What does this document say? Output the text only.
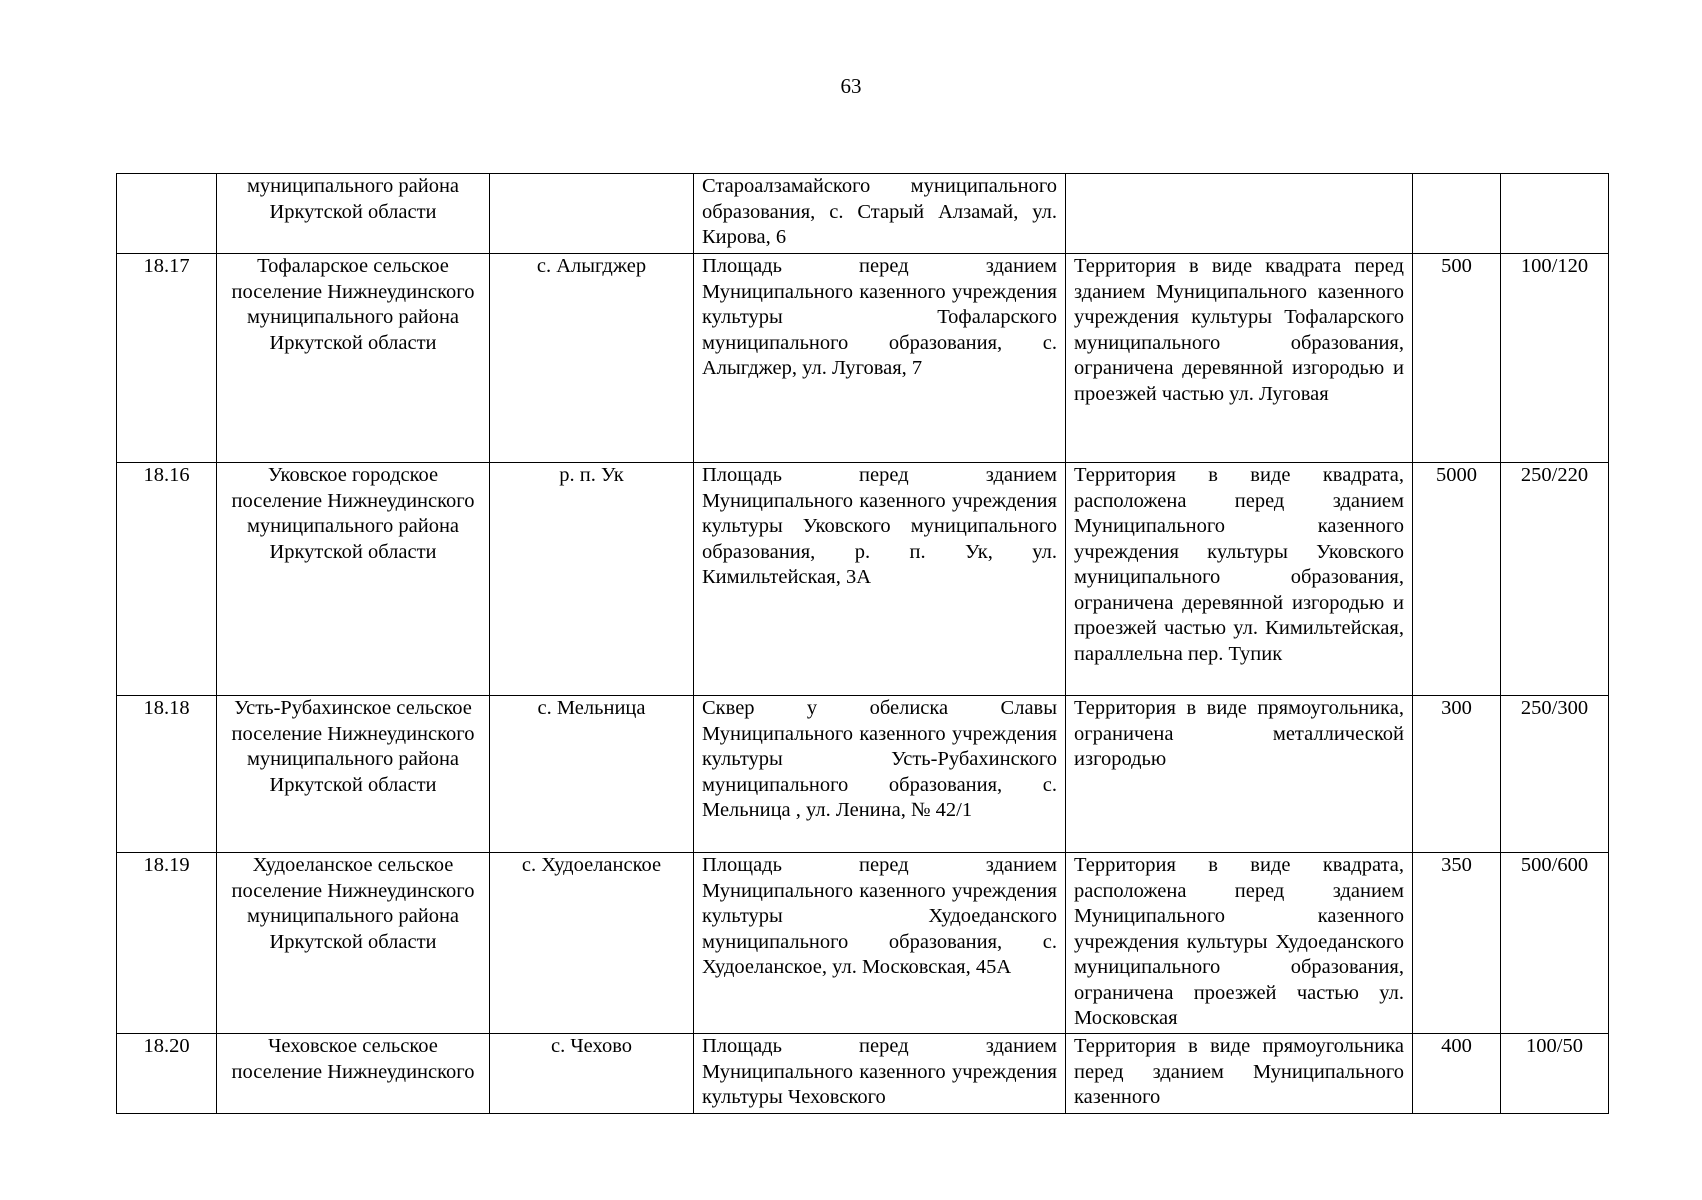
63
	муниципального района Иркутской области		Староалзамайского муниципального образования, с. Старый Алзамай, ул. Кирова, 6			
18.17	Тофаларское сельское поселение Нижнеудинского муниципального района Иркутской области	с. Алыгджер	Площадь перед зданием Муниципального казенного учреждения культуры Тофаларского муниципального образования, с. Алыгджер, ул. Луговая, 7	Территория в виде квадрата перед зданием Муниципального казенного учреждения культуры Тофаларского муниципального образования, ограничена деревянной изгородью и проезжей частью ул. Луговая	500	100/120
18.16	Уковское городское поселение Нижнеудинского муниципального района Иркутской области	р. п. Ук	Площадь перед зданием Муниципального казенного учреждения культуры Уковского муниципального образования, р. п. Ук, ул. Кимильтейская, 3А	Территория в виде квадрата, расположена перед зданием Муниципального казенного учреждения культуры Уковского муниципального образования, ограничена деревянной изгородью и проезжей частью ул. Кимильтейская, параллельна пер. Тупик	5000	250/220
18.18	Усть-Рубахинское сельское поселение Нижнеудинского муниципального района Иркутской области	с. Мельница	Сквер у обелиска Славы Муниципального казенного учреждения культуры Усть-Рубахинского муниципального образования, с. Мельница , ул. Ленина, № 42/1	Территория в виде прямоугольника, ограничена металлической изгородью	300	250/300
18.19	Худоеланское сельское поселение Нижнеудинского муниципального района Иркутской области	с. Худоеланское	Площадь перед зданием Муниципального казенного учреждения культуры Худоеданского муниципального образования, с. Худоеланское, ул. Московская, 45А	Территория в виде квадрата, расположена перед зданием Муниципального казенного учреждения культуры Худоеданского муниципального образования, ограничена проезжей частью ул. Московская	350	500/600
18.20	Чеховское сельское поселение Нижнеудинского	с. Чехово	Площадь перед зданием Муниципального казенного учреждения культуры Чеховского	Территория в виде прямоугольника перед зданием Муниципального казенного	400	100/50
